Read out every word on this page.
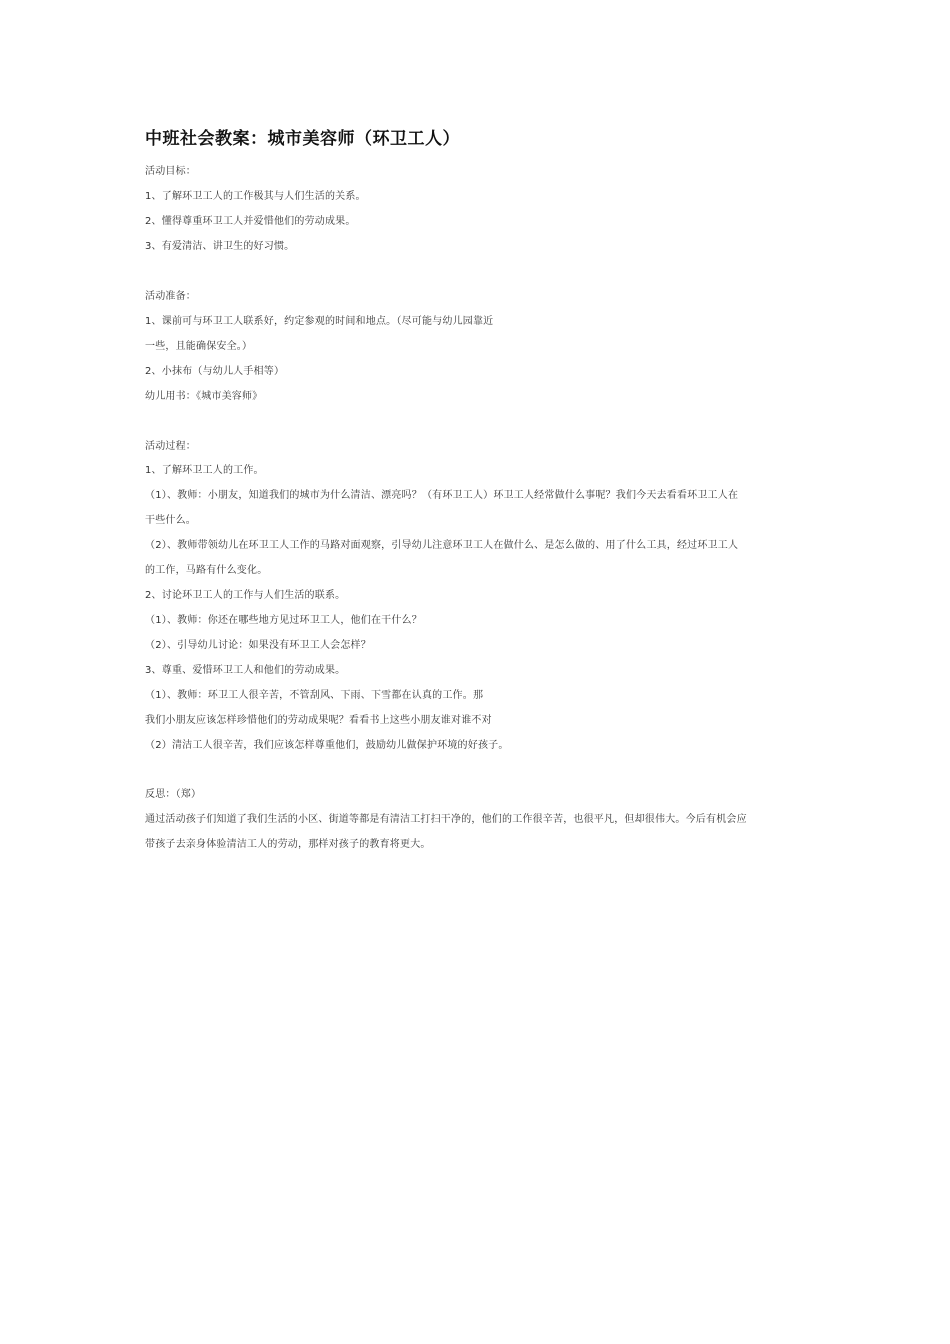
中班社会教案：城市美容师（环卫工人）
活动目标：
1、了解环卫工人的工作极其与人们生活的关系。
2、懂得尊重环卫工人并爱惜他们的劳动成果。
3、有爱清洁、讲卫生的好习惯。
活动准备：
1、课前可与环卫工人联系好，约定参观的时间和地点。（尽可能与幼儿园靠近
一些，且能确保安全。）
2、小抹布（与幼儿人手相等）
幼儿用书：《城市美容师》
活动过程：
1、了解环卫工人的工作。
（1）、教师：小朋友，知道我们的城市为什么清洁、漂亮吗？（有环卫工人）环卫工人经常做什么事呢？我们今天去看看环卫工人在
干些什么。
（2）、教师带领幼儿在环卫工人工作的马路对面观察，引导幼儿注意环卫工人在做什么、是怎么做的、用了什么工具，经过环卫工人
的工作，马路有什么变化。
2、讨论环卫工人的工作与人们生活的联系。
（1）、教师：你还在哪些地方见过环卫工人，他们在干什么？
（2）、引导幼儿讨论：如果没有环卫工人会怎样？
3、尊重、爱惜环卫工人和他们的劳动成果。
（1）、教师：环卫工人很辛苦，不管刮风、下雨、下雪都在认真的工作。那
我们小朋友应该怎样珍惜他们的劳动成果呢？看看书上这些小朋友谁对谁不对
（2）清洁工人很辛苦，我们应该怎样尊重他们，鼓励幼儿做保护环境的好孩子。
反思：（郑）
通过活动孩子们知道了我们生活的小区、街道等都是有清洁工打扫干净的，他们的工作很辛苦，也很平凡，但却很伟大。今后有机会应
带孩子去亲身体验清洁工人的劳动，那样对孩子的教育将更大。
